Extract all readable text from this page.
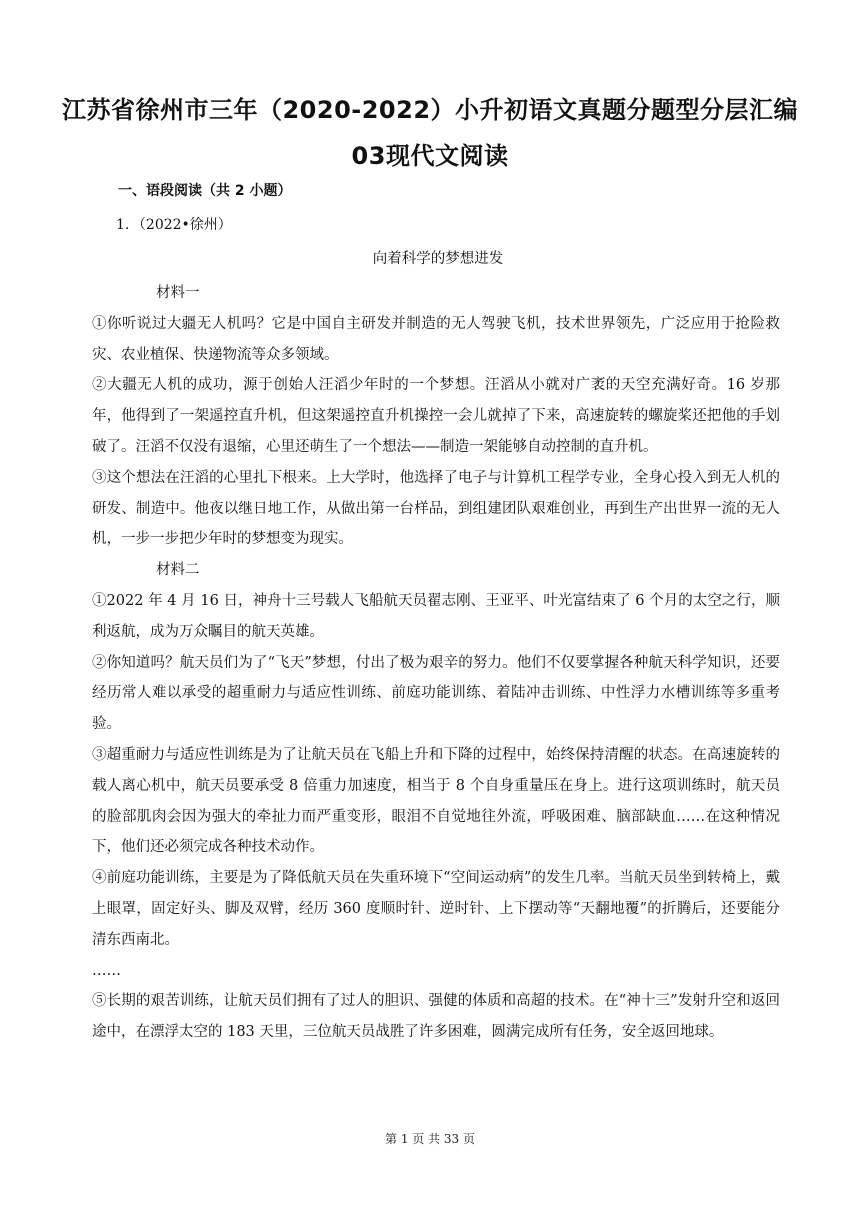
江苏省徐州市三年（2020-2022）小升初语文真题分题型分层汇编
03现代文阅读
一、语段阅读（共 2 小题）
1．（2022•徐州）
向着科学的梦想进发

材料一

①你听说过大疆无人机吗？它是中国自主研发并制造的无人驾驶飞机，技术世界领先，广泛应用于抢险救灾、农业植保、快递物流等众多领域。

②大疆无人机的成功，源于创始人汪滔少年时的一个梦想。汪滔从小就对广袤的天空充满好奇。16 岁那年，他得到了一架遥控直升机，但这架遥控直升机操控一会儿就掉了下来，高速旋转的螺旋桨还把他的手划破了。汪滔不仅没有退缩，心里还萌生了一个想法——制造一架能够自动控制的直升机。

③这个想法在汪滔的心里扎下根来。上大学时，他选择了电子与计算机工程学专业，全身心投入到无人机的研发、制造中。他夜以继日地工作，从做出第一台样品，到组建团队艰难创业，再到生产出世界一流的无人机，一步一步把少年时的梦想变为现实。

材料二

①2022 年 4 月 16 日，神舟十三号载人飞船航天员翟志刚、王亚平、叶光富结束了 6 个月的太空之行，顺利返航，成为万众瞩目的航天英雄。

②你知道吗？航天员们为了“飞天”梦想，付出了极为艰辛的努力。他们不仅要掌握各种航天科学知识，还要经历常人难以承受的超重耐力与适应性训练、前庭功能训练、着陆冲击训练、中性浮力水槽训练等多重考验。

③超重耐力与适应性训练是为了让航天员在飞船上升和下降的过程中，始终保持清醒的状态。在高速旋转的载人离心机中，航天员要承受 8 倍重力加速度，相当于 8 个自身重量压在身上。进行这项训练时，航天员的脸部肌肉会因为强大的牵扯力而严重变形，眼泪不自觉地往外流，呼吸困难、脑部缺血……在这种情况下，他们还必须完成各种技术动作。

④前庭功能训练，主要是为了降低航天员在失重环境下“空间运动病”的发生几率。当航天员坐到转椅上，戴上眼罩，固定好头、脚及双臂，经历 360 度顺时针、逆时针、上下摆动等“天翻地覆”的折腾后，还要能分清东西南北。

……

⑤长期的艰苦训练，让航天员们拥有了过人的胆识、强健的体质和高超的技术。在“神十三”发射升空和返回途中，在漂浮太空的 183 天里，三位航天员战胜了许多困难，圆满完成所有任务，安全返回地球。

第 1 页 共 33 页
